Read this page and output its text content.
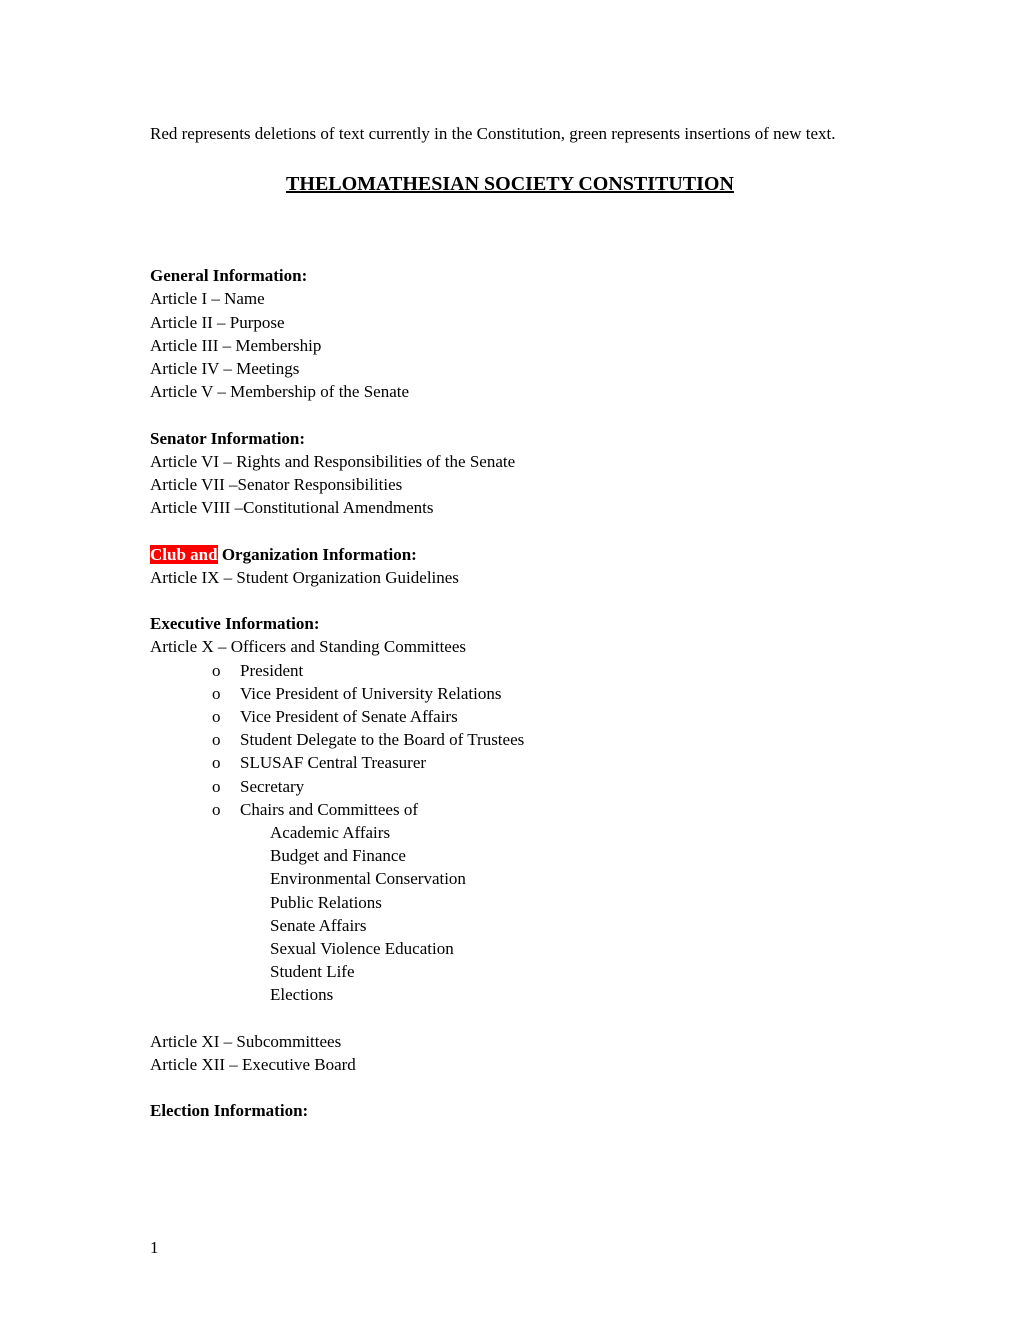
Red represents deletions of text currently in the Constitution, green represents insertions of new text.

THELOMATHESIAN SOCIETY CONSTITUTION

General Information:

Article I – Name

Article II – Purpose

Article III – Membership

Article IV – Meetings

Article V – Membership of the Senate

Senator Information:

Article VI – Rights and Responsibilities of the Senate

Article VII –Senator Responsibilities

Article VIII –Constitutional Amendments

Club and Organization Information:

Article IX – Student Organization Guidelines

Executive Information:

Article X – Officers and Standing Committees

o President

o Vice President of University Relations

o Vice President of Senate Affairs

o Student Delegate to the Board of Trustees

o SLUSAF Central Treasurer

o Secretary

o Chairs and Committees of

Academic Affairs

Budget and Finance

Environmental Conservation

Public Relations

Senate Affairs

Sexual Violence Education

Student Life

Elections

Article XI – Subcommittees

Article XII – Executive Board

Election Information:

1
